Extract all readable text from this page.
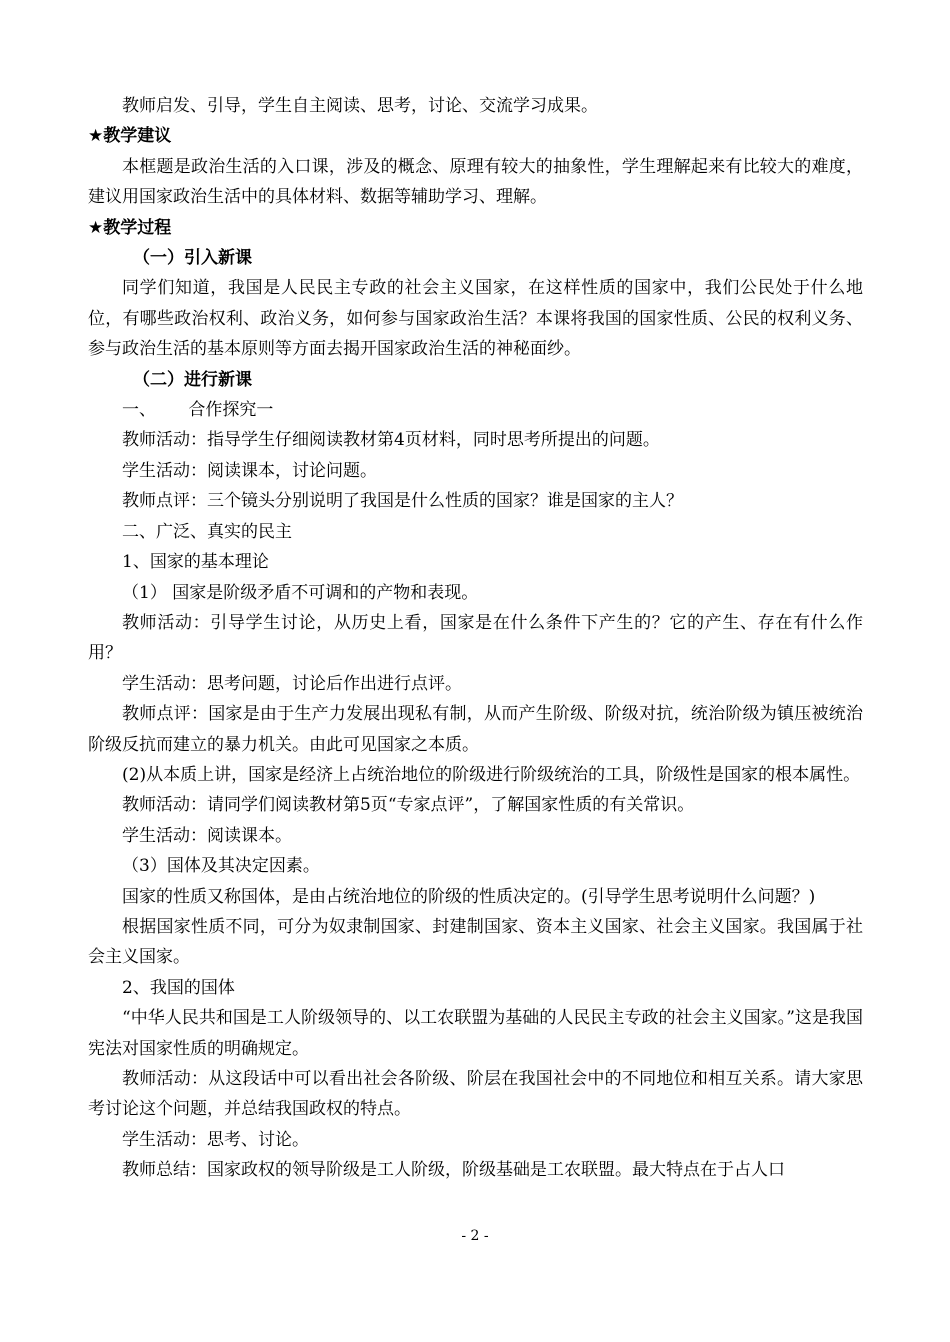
教师启发、引导，学生自主阅读、思考，讨论、交流学习成果。

★教学建议

本框题是政治生活的入口课，涉及的概念、原理有较大的抽象性，学生理解起来有比较大的难度，建议用国家政治生活中的具体材料、数据等辅助学习、理解。

★教学过程

（一）引入新课

同学们知道，我国是人民民主专政的社会主义国家，在这样性质的国家中，我们公民处于什么地位，有哪些政治权利、政治义务，如何参与国家政治生活？本课将我国的国家性质、公民的权利义务、参与政治生活的基本原则等方面去揭开国家政治生活的神秘面纱。

（二）进行新课

一、      合作探究一

教师活动：指导学生仔细阅读教材第4页材料，同时思考所提出的问题。

学生活动：阅读课本，讨论问题。

教师点评：三个镜头分别说明了我国是什么性质的国家？谁是国家的主人？

二、广泛、真实的民主

1、国家的基本理论

（1） 国家是阶级矛盾不可调和的产物和表现。

教师活动：引导学生讨论，从历史上看，国家是在什么条件下产生的？它的产生、存在有什么作用？

学生活动：思考问题，讨论后作出进行点评。

教师点评：国家是由于生产力发展出现私有制，从而产生阶级、阶级对抗，统治阶级为镇压被统治阶级反抗而建立的暴力机关。由此可见国家之本质。

(2)从本质上讲，国家是经济上占统治地位的阶级进行阶级统治的工具，阶级性是国家的根本属性。

教师活动：请同学们阅读教材第5页“专家点评”，了解国家性质的有关常识。

学生活动：阅读课本。

（3）国体及其决定因素。

国家的性质又称国体，是由占统治地位的阶级的性质决定的。(引导学生思考说明什么问题？)

根据国家性质不同，可分为奴隶制国家、封建制国家、资本主义国家、社会主义国家。我国属于社会主义国家。

2、我国的国体

“中华人民共和国是工人阶级领导的、以工农联盟为基础的人民民主专政的社会主义国家。”这是我国宪法对国家性质的明确规定。

教师活动：从这段话中可以看出社会各阶级、阶层在我国社会中的不同地位和相互关系。请大家思考讨论这个问题，并总结我国政权的特点。

学生活动：思考、讨论。

教师总结：国家政权的领导阶级是工人阶级，阶级基础是工农联盟。最大特点在于占人口

- 2 -
